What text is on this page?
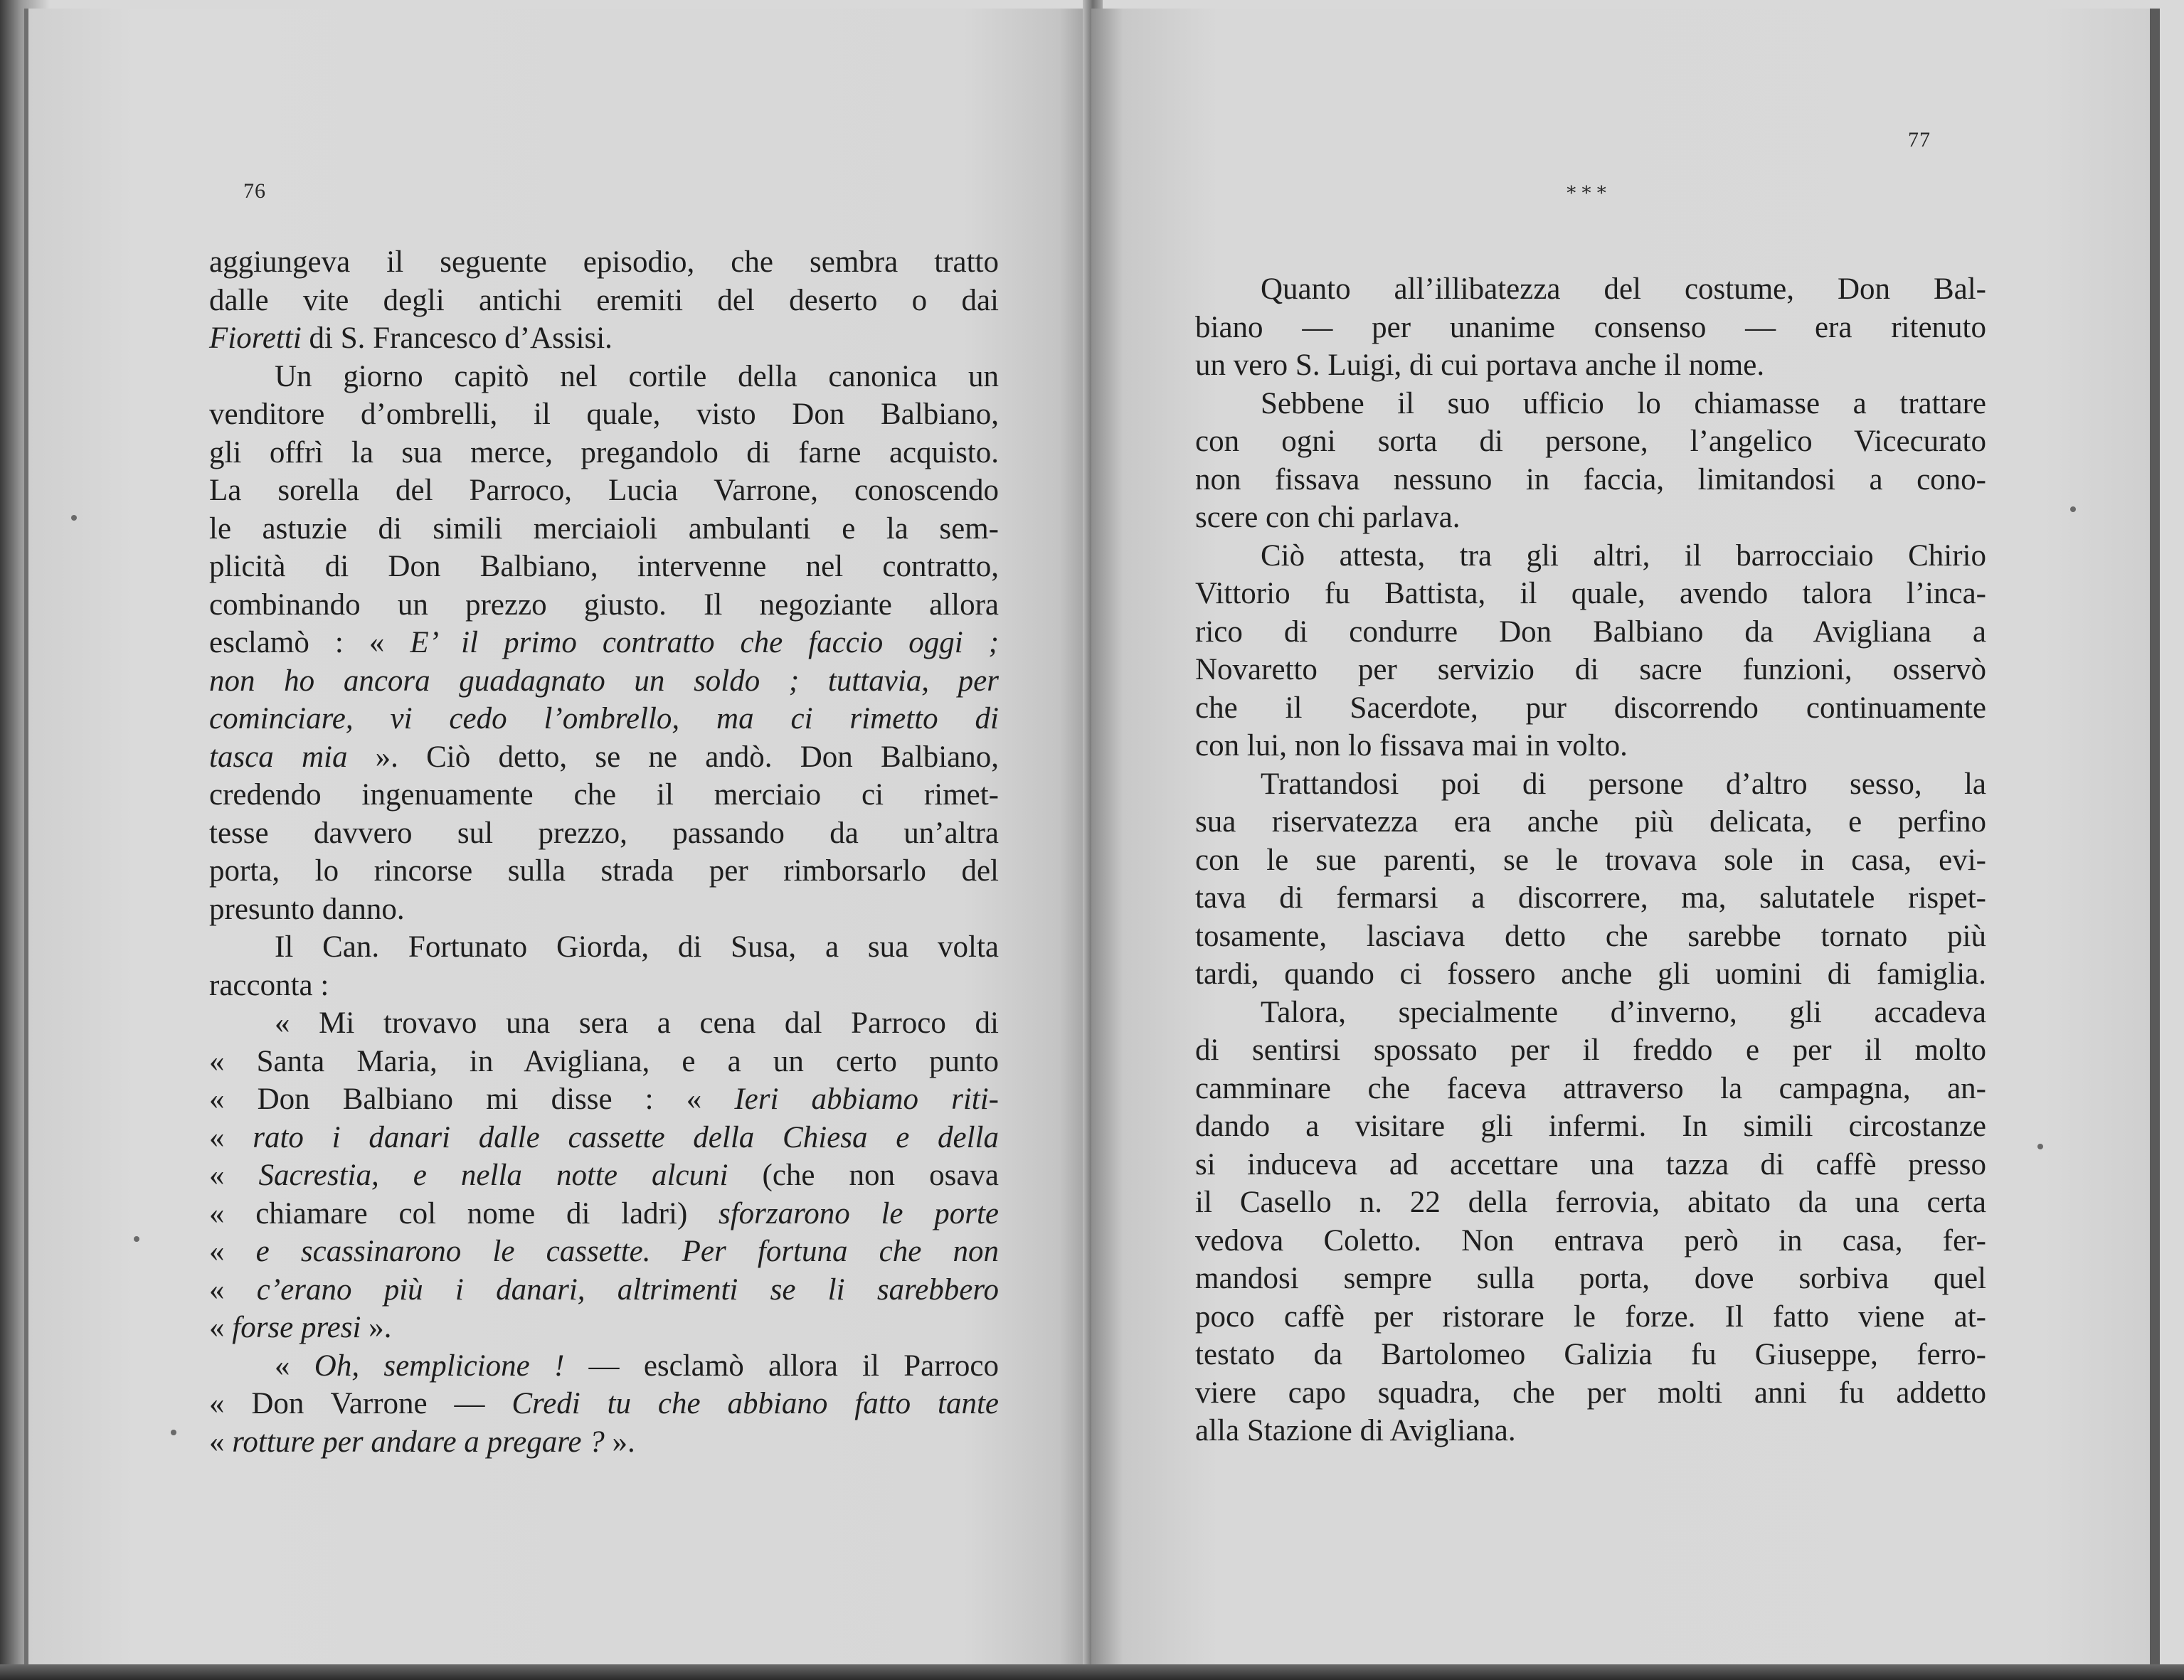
76
aggiungeva il seguente episodio, che sembra tratto
dalle vite degli antichi eremiti del deserto o dai
Fioretti di S. Francesco d’Assisi.
Un giorno capitò nel cortile della canonica un
venditore d’ombrelli, il quale, visto Don Balbiano,
gli offrì la sua merce, pregandolo di farne acquisto.
La sorella del Parroco, Lucia Varrone, conoscendo
le astuzie di simili merciaioli ambulanti e la sem-
plicità di Don Balbiano, intervenne nel contratto,
combinando un prezzo giusto. Il negoziante allora
esclamò : « E’ il primo contratto che faccio oggi ;
non ho ancora guadagnato un soldo ; tuttavia, per
cominciare, vi cedo l’ombrello, ma ci rimetto di
tasca mia ». Ciò detto, se ne andò. Don Balbiano,
credendo ingenuamente che il merciaio ci rimet-
tesse davvero sul prezzo, passando da un’altra
porta, lo rincorse sulla strada per rimborsarlo del
presunto danno.
Il Can. Fortunato Giorda, di Susa, a sua volta
racconta :
« Mi trovavo una sera a cena dal Parroco di
« Santa Maria, in Avigliana, e a un certo punto
« Don Balbiano mi disse : « Ieri abbiamo riti-
« rato i danari dalle cassette della Chiesa e della
« Sacrestia, e nella notte alcuni (che non osava
« chiamare col nome di ladri) sforzarono le porte
« e scassinarono le cassette. Per fortuna che non
« c’erano più i danari, altrimenti se li sarebbero
« forse presi ».
« Oh, semplicione ! — esclamò allora il Parroco
« Don Varrone — Credi tu che abbiano fatto tante
« rotture per andare a pregare ? ».
77
* * *
Quanto all’illibatezza del costume, Don Bal-
biano — per unanime consenso — era ritenuto
un vero S. Luigi, di cui portava anche il nome.
Sebbene il suo ufficio lo chiamasse a trattare
con ogni sorta di persone, l’angelico Vicecurato
non fissava nessuno in faccia, limitandosi a cono-
scere con chi parlava.
Ciò attesta, tra gli altri, il barrocciaio Chirio
Vittorio fu Battista, il quale, avendo talora l’inca-
rico di condurre Don Balbiano da Avigliana a
Novaretto per servizio di sacre funzioni, osservò
che il Sacerdote, pur discorrendo continuamente
con lui, non lo fissava mai in volto.
Trattandosi poi di persone d’altro sesso, la
sua riservatezza era anche più delicata, e perfino
con le sue parenti, se le trovava sole in casa, evi-
tava di fermarsi a discorrere, ma, salutatele rispet-
tosamente, lasciava detto che sarebbe tornato più
tardi, quando ci fossero anche gli uomini di famiglia.
Talora, specialmente d’inverno, gli accadeva
di sentirsi spossato per il freddo e per il molto
camminare che faceva attraverso la campagna, an-
dando a visitare gli infermi. In simili circostanze
si induceva ad accettare una tazza di caffè presso
il Casello n. 22 della ferrovia, abitato da una certa
vedova Coletto. Non entrava però in casa, fer-
mandosi sempre sulla porta, dove sorbiva quel
poco caffè per ristorare le forze. Il fatto viene at-
testato da Bartolomeo Galizia fu Giuseppe, ferro-
viere capo squadra, che per molti anni fu addetto
alla Stazione di Avigliana.
